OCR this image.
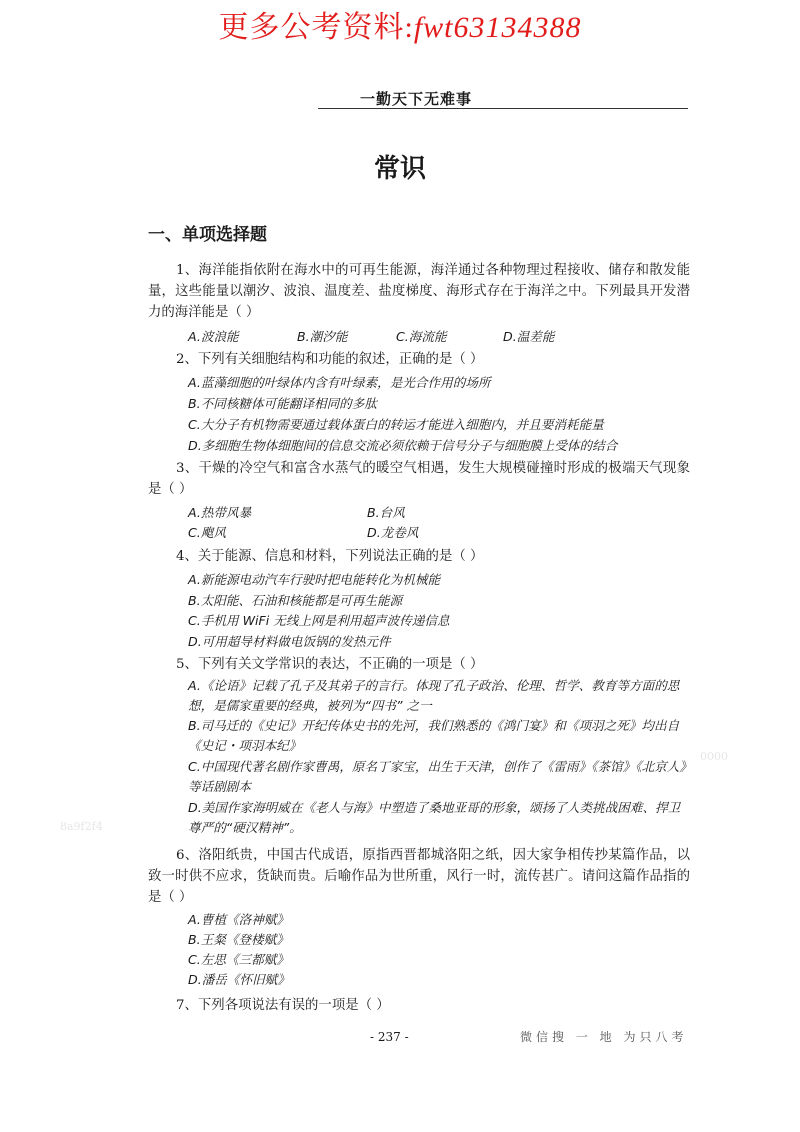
更多公考资料:fwt63134388
一勤天下无难事
常识
一、单项选择题
1、海洋能指依附在海水中的可再生能源，海洋通过各种物理过程接收、储存和散发能量，这些能量以潮汐、波浪、温度差、盐度梯度、海形式存在于海洋之中。下列最具开发潜力的海洋能是（ ）
A.波浪能	B.潮汐能	C.海流能	D.温差能
2、下列有关细胞结构和功能的叙述，正确的是（ ）
A.蓝藻细胞的叶绿体内含有叶绿素，是光合作用的场所
B.不同核糖体可能翻译相同的多肽
C.大分子有机物需要通过载体蛋白的转运才能进入细胞内，并且要消耗能量
D.多细胞生物体细胞间的信息交流必须依赖于信号分子与细胞膜上受体的结合
3、干燥的冷空气和富含水蒸气的暖空气相遇，发生大规模碰撞时形成的极端天气现象是（ ）
A.热带风暴	B.台风
C.飑风	D.龙卷风
4、关于能源、信息和材料，下列说法正确的是（ ）
A.新能源电动汽车行驶时把电能转化为机械能
B.太阳能、石油和核能都是可再生能源
C.手机用 WiFi 无线上网是利用超声波传递信息
D.可用超导材料做电饭锅的发热元件
5、下列有关文学常识的表达，不正确的一项是（ ）
A.《论语》记载了孔子及其弟子的言行。体现了孔子政治、伦理、哲学、教育等方面的思想，是儒家重要的经典，被列为“四书” 之一
B.司马迁的《史记》开纪传体史书的先河，我们熟悉的《鸿门宴》和《项羽之死》均出自《史记・项羽本纪》
C.中国现代著名剧作家曹禺，原名丁家宝，出生于天津，创作了《雷雨》《茶馆》《北京人》等话剧剧本
D.美国作家海明威在《老人与海》中塑造了桑地亚哥的形象，颂扬了人类挑战困难、捍卫尊严的“硬汉精神”。
6、洛阳纸贵，中国古代成语，原指西晋都城洛阳之纸，因大家争相传抄某篇作品，以致一时供不应求，货缺而贵。后喻作品为世所重，风行一时，流传甚广。请问这篇作品指的是（ ）
A.曹植《洛神赋》
B.王粲《登楼赋》
C.左思《三都赋》
D.潘岳《怀旧赋》
7、下列各项说法有误的一项是（ ）
8a9f2f4
0000
- 237 -	微信搜 一 地 为只八考
